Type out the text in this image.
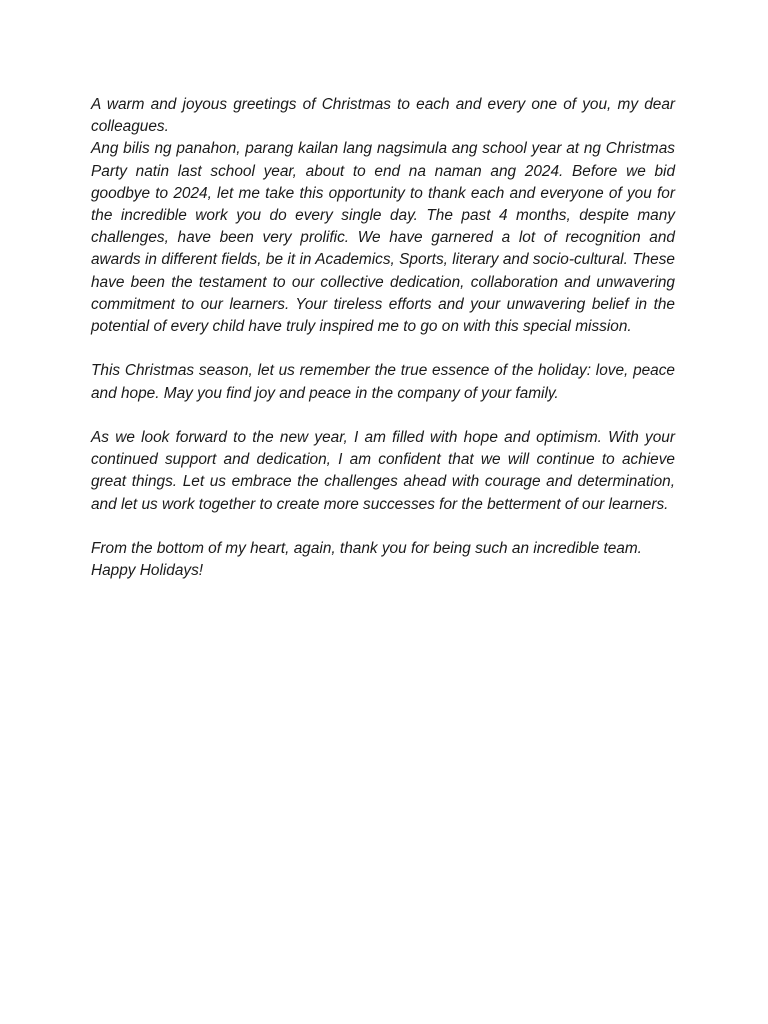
A warm and joyous greetings of Christmas to each and every one of you, my dear colleagues.

Ang bilis ng panahon, parang kailan lang nagsimula ang school year at ng Christmas Party natin last school year, about to end na naman ang 2024. Before we bid goodbye to 2024, let me take this opportunity to thank each and everyone of you for the incredible work you do every single day. The past 4 months, despite many challenges, have been very prolific. We have garnered a lot of recognition and awards in different fields, be it in Academics, Sports, literary and socio-cultural. These have been the testament to our collective dedication, collaboration and unwavering commitment to our learners. Your tireless efforts and your unwavering belief in the potential of every child have truly inspired me to go on with this special mission.

This Christmas season, let us remember the true essence of the holiday: love, peace and hope. May you find joy and peace in the company of your family.

As we look forward to the new year, I am filled with hope and optimism. With your continued support and dedication, I am confident that we will continue to achieve great things. Let us embrace the challenges ahead with courage and determination, and let us work together to create more successes for the betterment of our learners.

From the bottom of my heart, again, thank you for being such an incredible team.

Happy Holidays!
